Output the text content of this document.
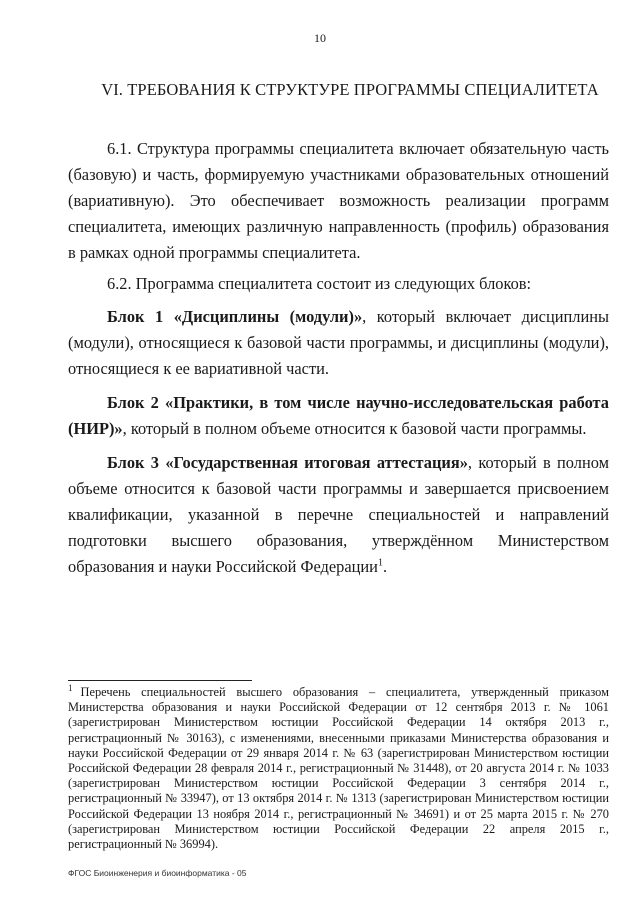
10
VI. ТРЕБОВАНИЯ К СТРУКТУРЕ ПРОГРАММЫ СПЕЦИАЛИТЕТА

6.1. Структура программы специалитета включает обязательную часть (базовую) и часть, формируемую участниками образовательных отношений (вариативную). Это обеспечивает возможность реализации программ специалитета, имеющих различную направленность (профиль) образования в рамках одной программы специалитета.

6.2. Программа специалитета состоит из следующих блоков:

Блок 1 «Дисциплины (модули)», который включает дисциплины (модули), относящиеся к базовой части программы, и дисциплины (модули), относящиеся к ее вариативной части.

Блок 2 «Практики, в том числе научно-исследовательская работа (НИР)», который в полном объеме относится к базовой части программы.

Блок 3 «Государственная итоговая аттестация», который в полном объеме относится к базовой части программы и завершается присвоением квалификации, указанной в перечне специальностей и направлений подготовки высшего образования, утверждённом Министерством образования и науки Российской Федерации$^1$.

$^1$ Перечень специальностей высшего образования – специалитета, утвержденный приказом Министерства образования и науки Российской Федерации от 12 сентября 2013 г. № 1061 (зарегистрирован Министерством юстиции Российской Федерации 14 октября 2013 г., регистрационный № 30163), с изменениями, внесенными приказами Министерства образования и науки Российской Федерации от 29 января 2014 г. № 63 (зарегистрирован Министерством юстиции Российской Федерации 28 февраля 2014 г., регистрационный № 31448), от 20 августа 2014 г. № 1033 (зарегистрирован Министерством юстиции Российской Федерации 3 сентября 2014 г., регистрационный № 33947), от 13 октября 2014 г. № 1313 (зарегистрирован Министерством юстиции Российской Федерации 13 ноября 2014 г., регистрационный № 34691) и от 25 марта 2015 г. № 270 (зарегистрирован Министерством юстиции Российской Федерации 22 апреля 2015 г., регистрационный № 36994).
ФГОС Биоинженерия и биоинформатика - 05
